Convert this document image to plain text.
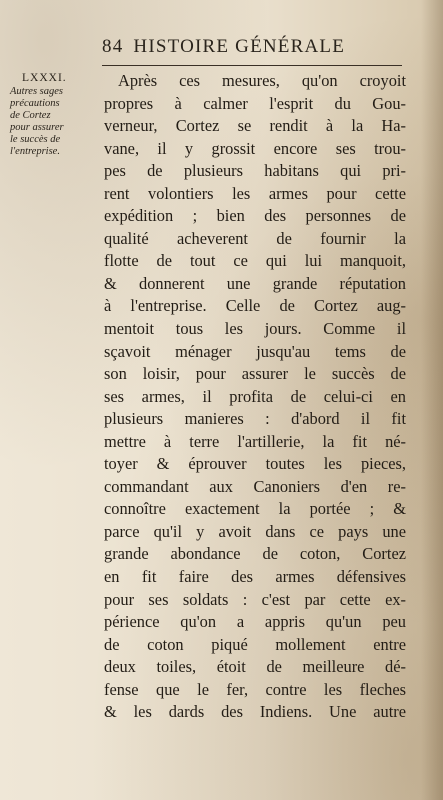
84 HISTOIRE GÉNÉRALE
LXXXI.
Autres sages
précautions
de Cortez
pour assurer
le succès de
l'entreprise.
Après ces mesures, qu'on croyoit
propres à calmer l'esprit du Gou-
verneur, Cortez se rendit à la Ha-
vane, il y grossit encore ses trou-
pes de plusieurs habitans qui pri-
rent volontiers les armes pour cette
expédition ; bien des personnes de
qualité acheverent de fournir la
flotte de tout ce qui lui manquoit,
& donnerent une grande réputation
à l'entreprise. Celle de Cortez aug-
mentoit tous les jours. Comme il
sçavoit ménager jusqu'au tems de
son loisir, pour assurer le succès de
ses armes, il profita de celui-ci en
plusieurs manieres : d'abord il fit
mettre à terre l'artillerie, la fit né-
toyer & éprouver toutes les pieces,
commandant aux Canoniers d'en re-
connoître exactement la portée ; &
parce qu'il y avoit dans ce pays une
grande abondance de coton, Cortez
en fit faire des armes défensives
pour ses soldats : c'est par cette ex-
périence qu'on a appris qu'un peu
de coton piqué mollement entre
deux toiles, étoit de meilleure dé-
fense que le fer, contre les fleches
& les dards des Indiens. Une autre
